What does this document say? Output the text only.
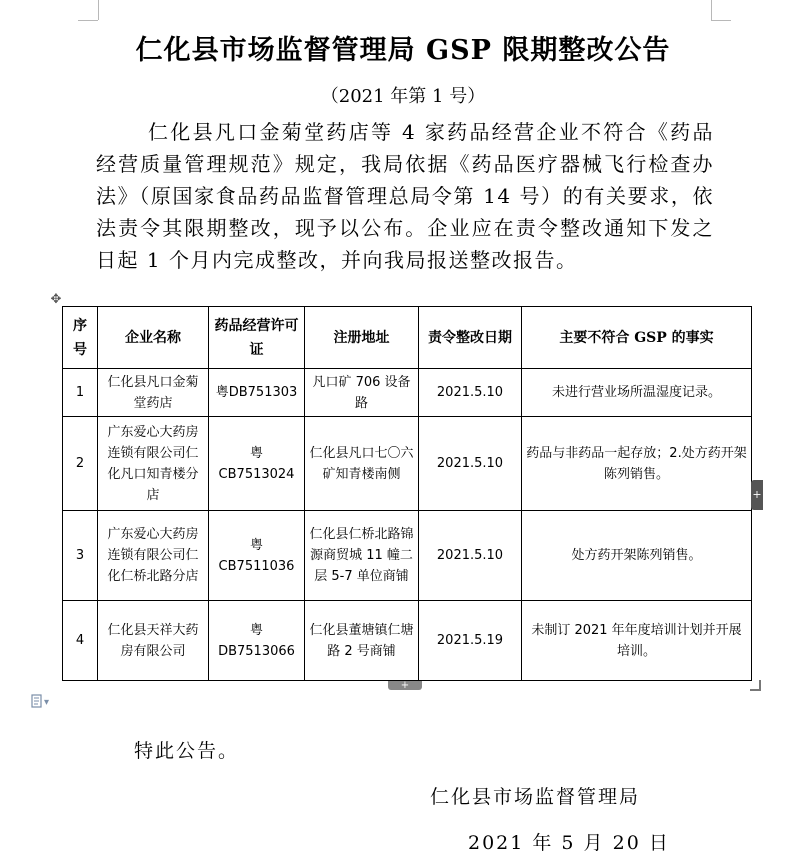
仁化县市场监督管理局 GSP 限期整改公告
（2021 年第 1 号）

仁化县凡口金菊堂药店等 4 家药品经营企业不符合《药品经营质量管理规范》规定，我局依据《药品医疗器械飞行检查办法》（原国家食品药品监督管理总局令第 14 号）的有关要求，依法责令其限期整改，现予以公布。企业应在责令整改通知下发之日起 1 个月内完成整改，并向我局报送整改报告。

✥
序号	企业名称	药品经营许可证	注册地址	责令整改日期	主要不符合 GSP 的事实
1	仁化县凡口金菊堂药店	粤DB751303	凡口矿 706 设备路	2021.5.10	未进行营业场所温湿度记录。
2	广东爱心大药房连锁有限公司仁化凡口知青楼分店	粤CB7513024	仁化县凡口七〇六矿知青楼南侧	2021.5.10	药品与非药品一起存放；2.处方药开架陈列销售。
3	广东爱心大药房连锁有限公司仁化仁桥北路分店	粤CB7511036	仁化县仁桥北路锦源商贸城 11 幢二层 5-7 单位商铺	2021.5.10	处方药开架陈列销售。
4	仁化县天祥大药房有限公司	粤DB7513066	仁化县董塘镇仁塘路 2 号商铺	2021.5.19	未制订 2021 年年度培训计划并开展培训。
+
+
▾
特此公告。
仁化县市场监督管理局
2021 年 5 月 20 日
